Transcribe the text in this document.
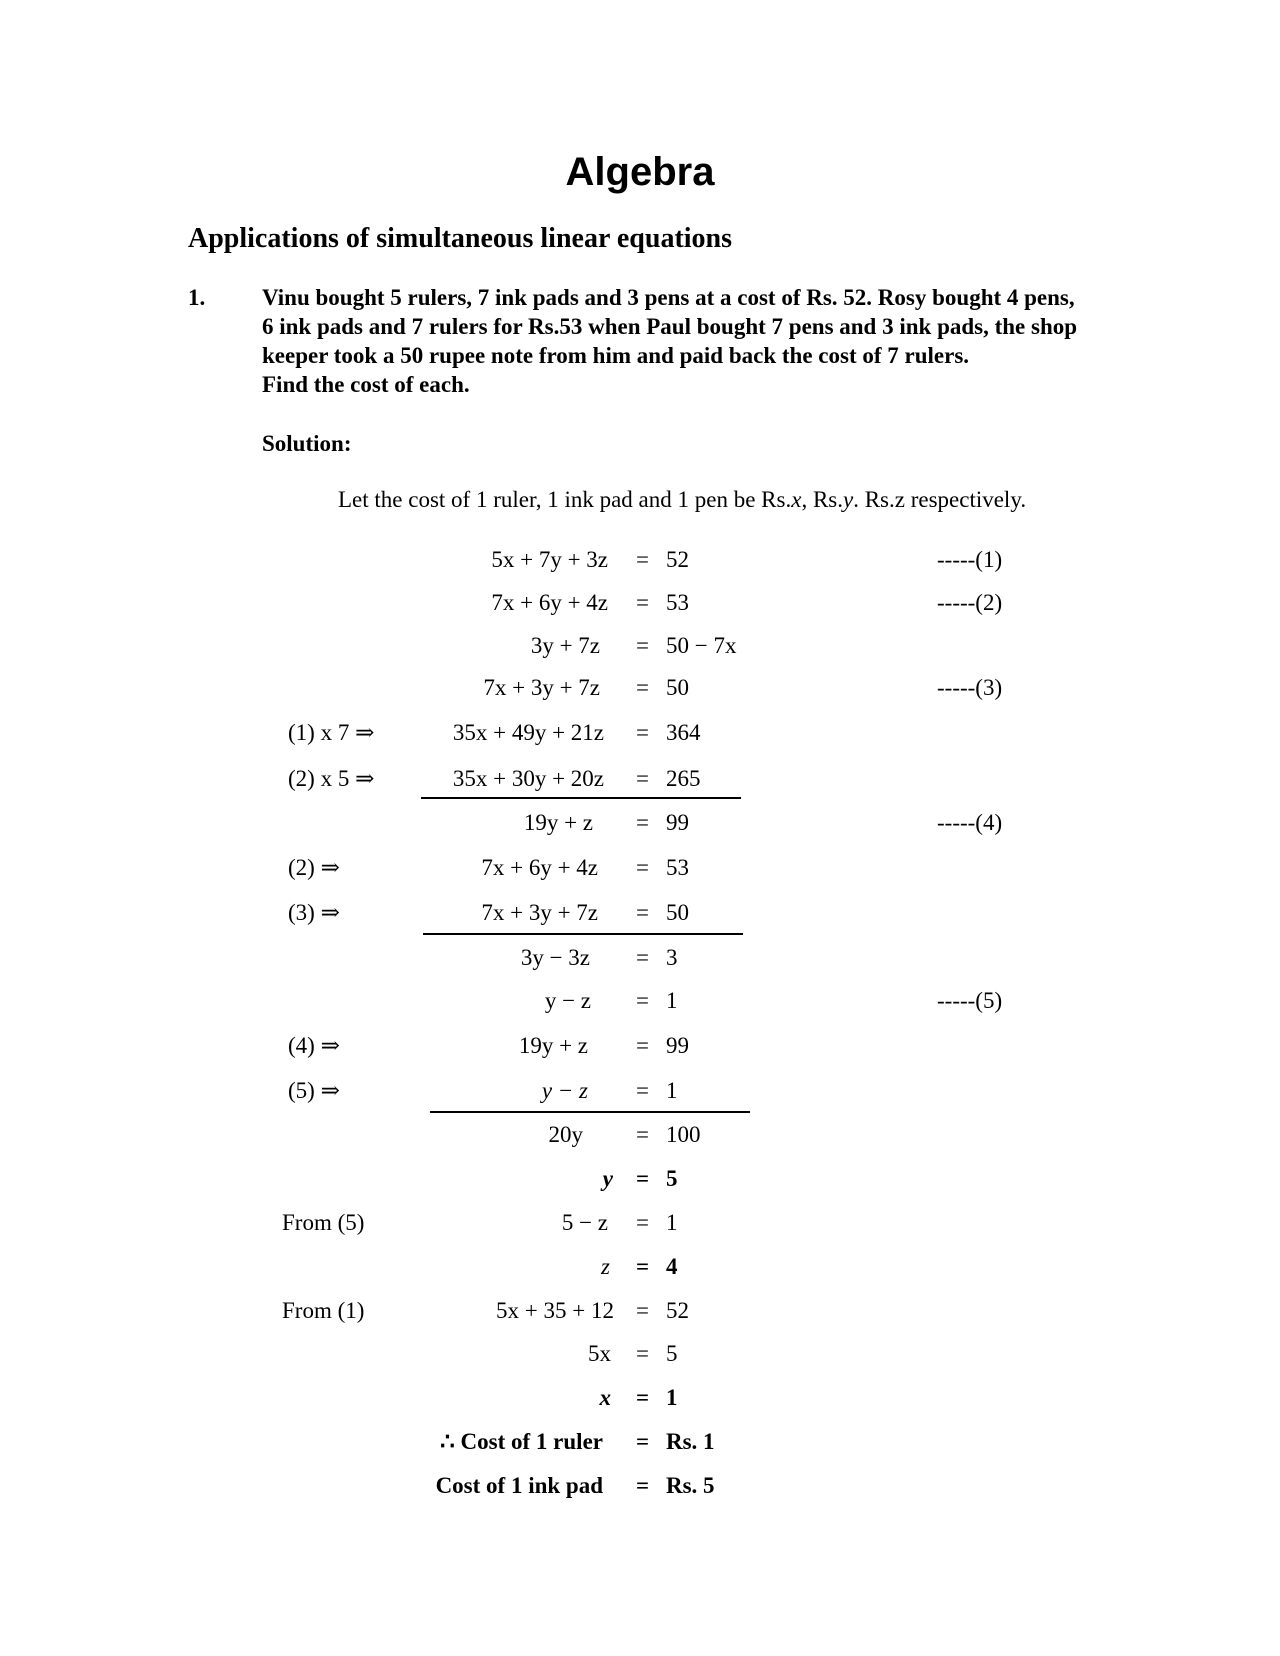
Algebra
Applications of simultaneous linear equations
1. Vinu bought 5 rulers, 7 ink pads and 3 pens at a cost of Rs. 52. Rosy bought 4 pens,
6 ink pads and 7 rulers for Rs.53 when Paul bought 7 pens and 3 ink pads, the shop
keeper took a 50 rupee note from him and paid back the cost of 7 rulers.
Find the cost of each.
Solution:
Let the cost of 1 ruler, 1 ink pad and 1 pen be Rs.x, Rs.y. Rs.z respectively.
5x + 7y + 3z = 52	-----(1)
7x + 6y + 4z = 53	-----(2)
3y + 7z = 50 − 7x
7x + 3y + 7z = 50	-----(3)
(1) x 7 ⇒	35x + 49y + 21z = 364
(2) x 5 ⇒	35x + 30y + 20z = 265
19y + z = 99	-----(4)
(2) ⇒	7x + 6y + 4z = 53
(3) ⇒	7x + 3y + 7z = 50
3y − 3z = 3
y − z = 1	-----(5)
(4) ⇒	19y + z = 99
(5) ⇒	y − z = 1
20y = 100
y = 5
From (5)	5 − z = 1
z = 4
From (1)	5x + 35 + 12 = 52
5x = 5
x = 1
∴ Cost of 1 ruler = Rs. 1
Cost of 1 ink pad = Rs. 5
